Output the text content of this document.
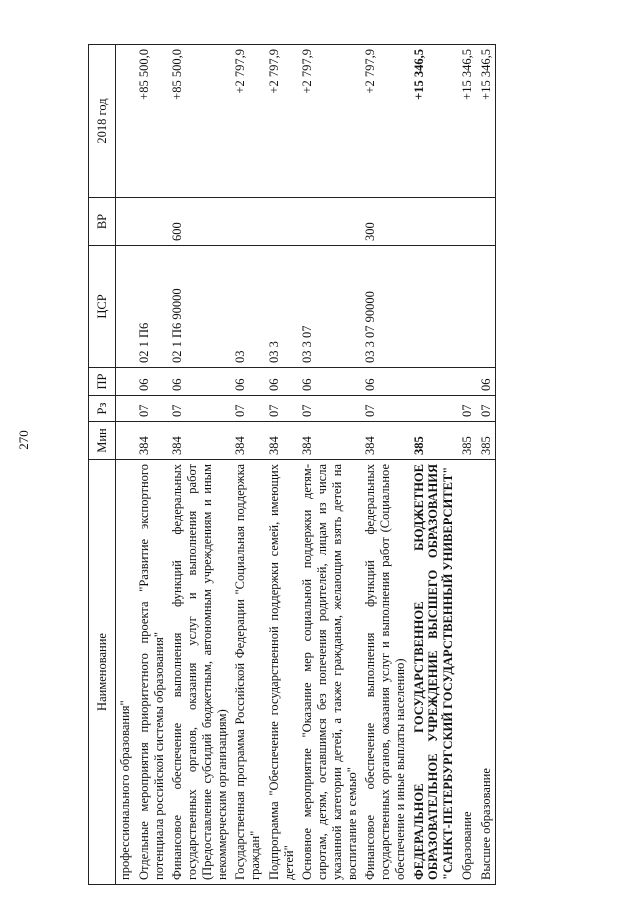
270
Наименование	Мин	Рз	ПР	ЦСР	ВР	2018 год
профессионального образования"						
Отдельные мероприятия приоритетного проекта "Развитие экспортного потенциала российской системы образования"	384	07	06	02 1 П6		+85 500,0
Финансовое обеспечение выполнения функций федеральных государственных органов, оказания услуг и выполнения работ (Предоставление субсидий бюджетным, автономным учреждениям и иным некоммерческим организациям)	384	07	06	02 1 П6 90000	600	+85 500,0
Государственная программа Российской Федерации "Социальная поддержка граждан"	384	07	06	03		+2 797,9
Подпрограмма "Обеспечение государственной поддержки семей, имеющих детей"	384	07	06	03 3		+2 797,9
Основное мероприятие "Оказание мер социальной поддержки детям-сиротам, детям, оставшимся без попечения родителей, лицам из числа указанной категории детей, а также гражданам, желающим взять детей на воспитание в семью"	384	07	06	03 3 07		+2 797,9
Финансовое обеспечение выполнения функций федеральных государственных органов, оказания услуг и выполнения работ (Социальное обеспечение и иные выплаты населению)	384	07	06	03 3 07 90000	300	+2 797,9
ФЕДЕРАЛЬНОЕ ГОСУДАРСТВЕННОЕ БЮДЖЕТНОЕ ОБРАЗОВАТЕЛЬНОЕ УЧРЕЖДЕНИЕ ВЫСШЕГО ОБРАЗОВАНИЯ "САНКТ-ПЕТЕРБУРГСКИЙ ГОСУДАРСТВЕННЫЙ УНИВЕРСИТЕТ"	385					+15 346,5
Образование	385	07				+15 346,5
Высшее образование	385	07	06			+15 346,5
